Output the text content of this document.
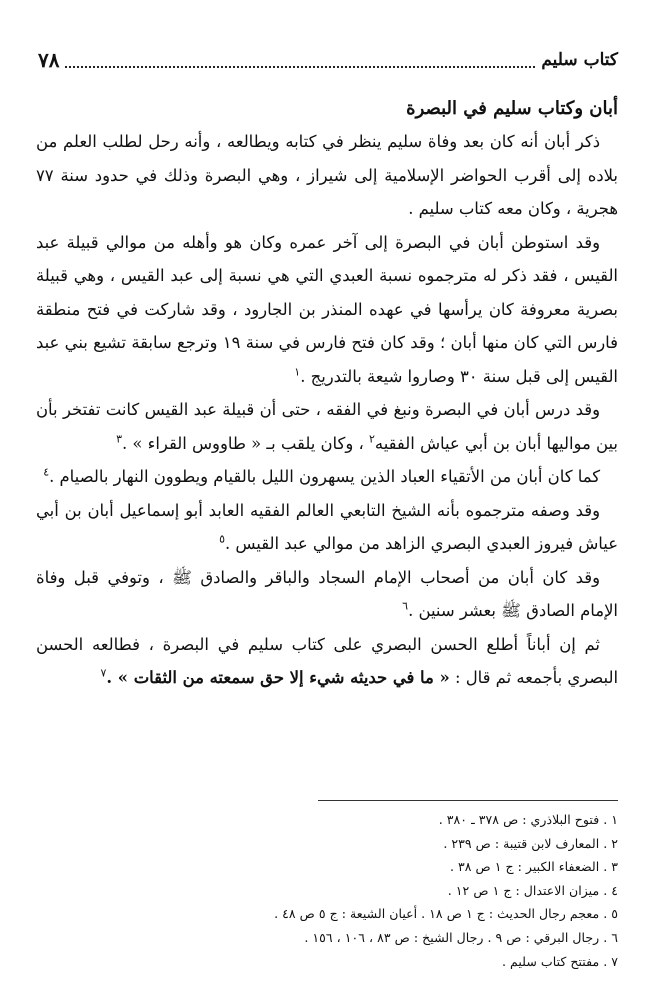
٧٨	كتاب سليم

أبان وكتاب سليم في البصرة

ذكر أبان أنه كان بعد وفاة سليم ينظر في كتابه ويطالعه ، وأنه رحل لطلب العلم من بلاده إلى أقرب الحواضر الإسلامية إلى شيراز ، وهي البصرة وذلك في حدود سنة ٧٧ هجرية ، وكان معه كتاب سليم .

وقد استوطن أبان في البصرة إلى آخر عمره وكان هو وأهله من موالي قبيلة عبد القيس ، فقد ذكر له مترجموه نسبة العبدي التي هي نسبة إلى عبد القيس ، وهي قبيلة بصرية معروفة كان يرأسها في عهده المنذر بن الجارود ، وقد شاركت في فتح منطقة فارس التي كان منها أبان ؛ وقد كان فتح فارس في سنة ١٩ وترجع سابقة تشيع بني عبد القيس إلى قبل سنة ٣٠ وصاروا شيعة بالتدريج .$^١$

وقد درس أبان في البصرة ونبغ في الفقه ، حتى أن قبيلة عبد القيس كانت تفتخر بأن بين مواليها أبان بن أبي عياش الفقيه$^٢$ ، وكان يلقب بـ « طاووس القراء » .$^٣$

كما كان أبان من الأتقياء العباد الذين يسهرون الليل بالقيام ويطوون النهار بالصيام .$^٤$

وقد وصفه مترجموه بأنه الشيخ التابعي العالم الفقيه العابد أبو إسماعيل أبان بن أبي عياش فيروز العبدي البصري الزاهد من موالي عبد القيس .$^٥$

وقد كان أبان من أصحاب الإمام السجاد والباقر والصادق ﷺ ، وتوفي قبل وفاة الإمام الصادق ﷺ بعشر سنين .$^٦$

ثم إن أباناً أطلع الحسن البصري على كتاب سليم في البصرة ، فطالعه الحسن البصري بأجمعه ثم قال : « ما في حديثه شيء إلا حق سمعته من الثقات » .$^٧$

١ . فتوح البلاذري : ص ٣٧٨ ـ ٣٨٠ .
٢ . المعارف لابن قتيبة : ص ٢٣٩ .
٣ . الضعفاء الكبير : ج ١ ص ٣٨ .
٤ . ميزان الاعتدال : ج ١ ص ١٢ .
٥ . معجم رجال الحديث : ج ١ ص ١٨ . أعيان الشيعة : ج ٥ ص ٤٨ .
٦ . رجال البرقي : ص ٩ . رجال الشيخ : ص ٨٣ ، ١٠٦ ، ١٥٦ .
٧ . مفتتح كتاب سليم .
